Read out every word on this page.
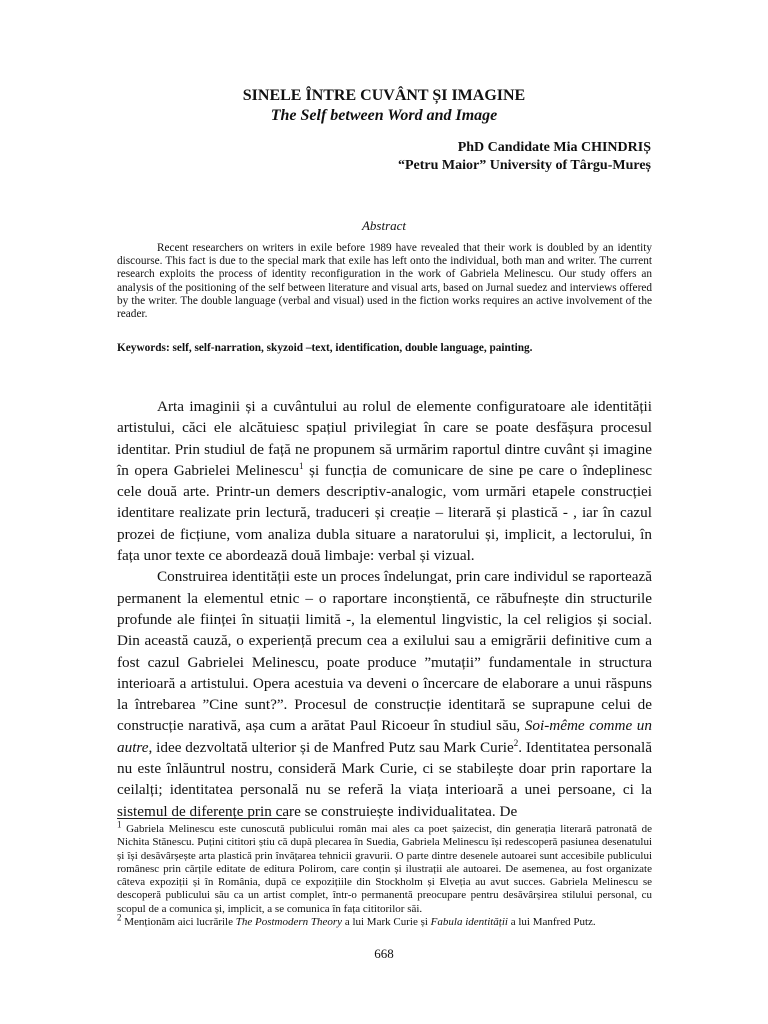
SINELE ÎNTRE CUVÂNT ȘI IMAGINE
The Self between Word and Image
PhD Candidate Mia CHINDRIȘ
“Petru Maior” University of Târgu-Mureș
Abstract
Recent researchers on writers in exile before 1989 have revealed that their work is doubled by an identity discourse. This fact is due to the special mark that exile has left onto the individual, both man and writer. The current research exploits the process of identity reconfiguration in the work of Gabriela Melinescu. Our study offers an analysis of the positioning of the self between literature and visual arts, based on Jurnal suedez and interviews offered by the writer. The double language (verbal and visual) used in the fiction works requires an active involvement of the reader.
Keywords: self, self-narration, skyzoid –text, identification, double language, painting.

Arta imaginii și a cuvântului au rolul de elemente configuratoare ale identității artistului, căci ele alcătuiesc spațiul privilegiat în care se poate desfășura procesul identitar. Prin studiul de față ne propunem să urmărim raportul dintre cuvânt și imagine în opera Gabrielei Melinescu$^1$ și funcția de comunicare de sine pe care o îndeplinesc cele două arte. Printr-un demers descriptiv-analogic, vom urmări etapele construcției identitare realizate prin lectură, traduceri și creație – literară și plastică - , iar în cazul prozei de ficțiune, vom analiza dubla situare a naratorului și, implicit, a lectorului, în fața unor texte ce abordează două limbaje: verbal și vizual.

Construirea identității este un proces îndelungat, prin care individul se raportează permanent la elementul etnic – o raportare inconștientă, ce răbufnește din structurile profunde ale ființei în situații limită -, la elementul lingvistic, la cel religios și social. Din această cauză, o experiență precum cea a exilului sau a emigrării definitive cum a fost cazul Gabrielei Melinescu, poate produce ”mutații” fundamentale in structura interioară a artistului. Opera acestuia va deveni o încercare de elaborare a unui răspuns la întrebarea ”Cine sunt?”. Procesul de construcție identitară se suprapune celui de construcție narativă, așa cum a arătat Paul Ricoeur în studiul său, Soi-même comme un autre, idee dezvoltată ulterior și de Manfred Putz sau Mark Curie$^2$. Identitatea personală nu este înlăuntrul nostru, consideră Mark Curie, ci se stabilește doar prin raportare la ceilalți; identitatea personală nu se referă la viața interioară a unei persoane, ci la sistemul de diferențe prin care se construiește individualitatea. De

$^1$ Gabriela Melinescu este cunoscută publicului român mai ales ca poet șaizecist, din generația literară patronată de Nichita Stănescu. Puțini cititori știu că după plecarea în Suedia, Gabriela Melinescu își redescoperă pasiunea desenatului și își desăvârșește arta plastică prin învățarea tehnicii gravurii. O parte dintre desenele autoarei sunt accesibile publicului românesc prin cărțile editate de editura Polirom, care conțin și ilustrații ale autoarei. De asemenea, au fost organizate câteva expoziții și în România, după ce expozițiile din Stockholm și Elveția au avut succes. Gabriela Melinescu se descoperă publicului său ca un artist complet, într-o permanentă preocupare pentru desăvârșirea stilului personal, cu scopul de a comunica și, implicit, a se comunica în fața cititorilor săi.

$^2$ Menționăm aici lucrările The Postmodern Theory a lui Mark Curie și Fabula identității a lui Manfred Putz.

668
